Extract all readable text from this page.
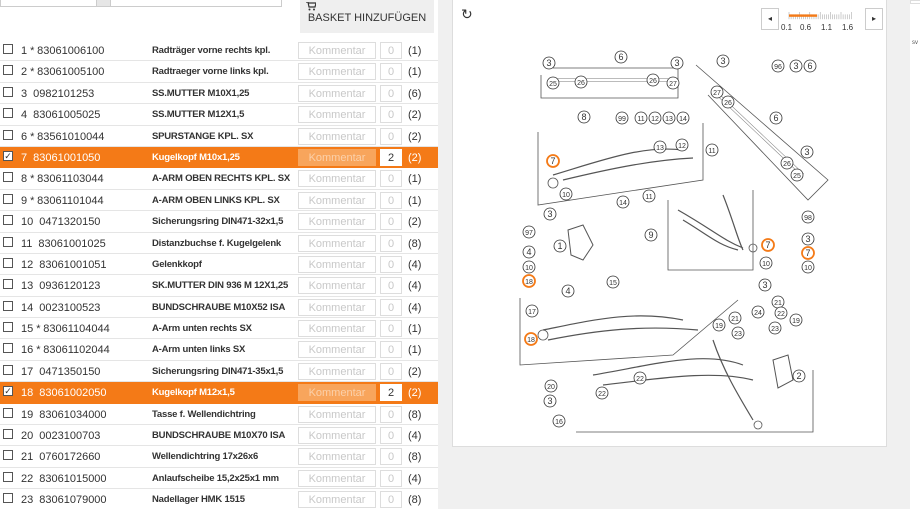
BASKET HINZUFÜGEN
1 * 83061006100	Radträger vorne rechts kpl.	Kommentar	0	(1)
2 * 83061005100	Radtraeger vorne links kpl.	Kommentar	0	(1)
3 0982101253	SS.MUTTER M10X1,25	Kommentar	0	(6)
4 83061005025	SS.MUTTER M12X1,5	Kommentar	0	(2)
6 * 83561010044	SPURSTANGE KPL. SX	Kommentar	0	(2)
✓ 7 83061001050	Kugelkopf M10x1,25	Kommentar	2	(2)
8 * 83061103044	A-ARM OBEN RECHTS KPL. SX	Kommentar	0	(1)
9 * 83061101044	A-ARM OBEN LINKS KPL. SX	Kommentar	0	(1)
10 0471320150	Sicherungsring DIN471-32x1,5	Kommentar	0	(2)
11 83061001025	Distanzbuchse f. Kugelgelenk	Kommentar	0	(8)
12 83061001051	Gelenkkopf	Kommentar	0	(4)
13 0936120123	SK.MUTTER DIN 936 M 12X1,25	Kommentar	0	(4)
14 0023100523	BUNDSCHRAUBE M10X52 ISA	Kommentar	0	(4)
15 * 83061104044	A-Arm unten rechts SX	Kommentar	0	(1)
16 * 83061102044	A-Arm unten links SX	Kommentar	0	(1)
17 0471350150	Sicherungsring DIN471-35x1,5	Kommentar	0	(2)
✓ 18 83061002050	Kugelkopf M12x1,5	Kommentar	2	(2)
19 83061034000	Tasse f. Wellendichtring	Kommentar	0	(8)
20 0023100703	BUNDSCHRAUBE M10X70 ISA	Kommentar	0	(4)
21 0760172660	Wellendichtring 17x26x6	Kommentar	0	(8)
22 83061015000	Anlaufscheibe 15,2x25x1 mm	Kommentar	0	(4)
23 83061079000	Nadellager HMK 1515	Kommentar	0	(8)
↻	◂	▸
0.1 0.6 1.1 1.6
3
6
3	3
96 3 6
25	26	26 27
27
26
6
8	99 11 12 13 14
13 12
11	3
26
25
7
10
14
11
3
9
98
97
1
4
10
18
7
10
3
7
10
15
4
3
17
18
19
21
24
21
19
22
23
23
22	2
20
22
3
16
sv
